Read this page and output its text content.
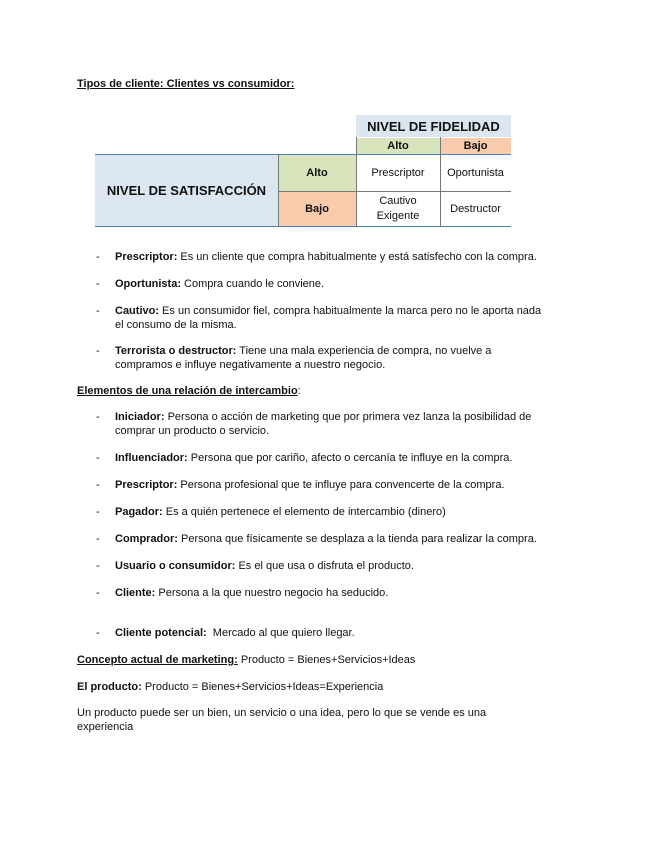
Tipos de cliente: Clientes vs consumidor:
NIVEL DE FIDELIDAD
Alto	Bajo
NIVEL DE SATISFACCIÓN
Alto
Bajo
Prescriptor	Oportunista
Cautivo
Exigente
Destructor
- Prescriptor: Es un cliente que compra habitualmente y está satisfecho con la compra.
- Oportunista: Compra cuando le conviene.
- Cautivo: Es un consumidor fiel, compra habitualmente la marca pero no le aporta nada
el consumo de la misma.
- Terrorista o destructor: Tiene una mala experiencia de compra, no vuelve a
compramos e influye negativamente a nuestro negocio.
Elementos de una relación de intercambio:
- Iniciador: Persona o acción de marketing que por primera vez lanza la posibilidad de
comprar un producto o servicio.
- Influenciador: Persona que por cariño, afecto o cercanía te influye en la compra.
- Prescriptor: Persona profesional que te influye para convencerte de la compra.
- Pagador: Es a quién pertenece el elemento de intercambio (dinero)
- Comprador: Persona que físicamente se desplaza a la tienda para realizar la compra.
- Usuario o consumidor: Es el que usa o disfruta el producto.
- Cliente: Persona a la que nuestro negocio ha seducido.
- Cliente potencial:  Mercado al que quiero llegar.
Concepto actual de marketing: Producto = Bienes+Servicios+Ideas
El producto: Producto = Bienes+Servicios+Ideas=Experiencia
Un producto puede ser un bien, un servicio o una idea, pero lo que se vende es una
experiencia
